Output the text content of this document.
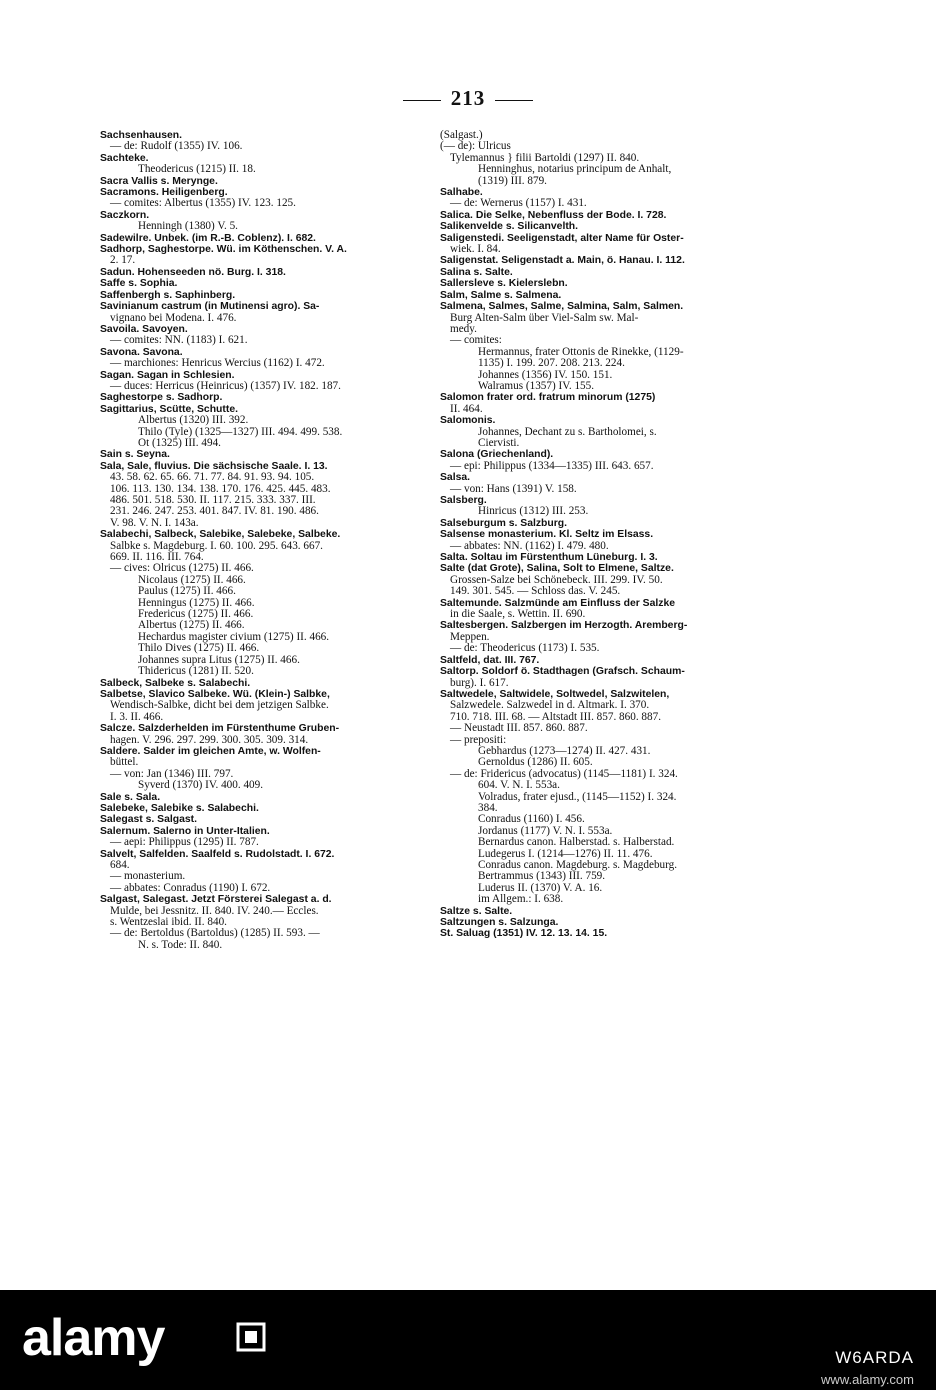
213
Sachsenhausen.
— de: Rudolf (1355) IV. 106.
Sachteke.
Theodericus (1215) II. 18.
Sacra Vallis s. Merynge.
Sacramons. Heiligenberg.
— comites: Albertus (1355) IV. 123. 125.
Saczkorn.
Henningh (1380) V. 5.
Sadewilre. Unbek. (im R.-B. Coblenz). I. 682.
Sadhorp, Saghestorpe. Wü. im Köthenschen. V. A.
2. 17.
Sadun. Hohenseeden nö. Burg. I. 318.
Saffe s. Sophia.
Saffenbergh s. Saphinberg.
Savinianum castrum (in Mutinensi agro). Sa-
vignano bei Modena. I. 476.
Savoila. Savoyen.
— comites: NN. (1183) I. 621.
Savona. Savona.
— marchiones: Henricus Wercius (1162) I. 472.
Sagan. Sagan in Schlesien.
— duces: Herricus (Heinricus) (1357) IV. 182. 187.
Saghestorpe s. Sadhorp.
Sagittarius, Scütte, Schutte.
Albertus (1320) III. 392.
Thilo (Tyle) (1325—1327) III. 494. 499. 538.
Ot (1325) III. 494.
Sain s. Seyna.
Sala, Sale, fluvius. Die sächsische Saale. I. 13.
43. 58. 62. 65. 66. 71. 77. 84. 91. 93. 94. 105.
106. 113. 130. 134. 138. 170. 176. 425. 445. 483.
486. 501. 518. 530. II. 117. 215. 333. 337. III.
231. 246. 247. 253. 401. 847. IV. 81. 190. 486.
V. 98. V. N. I. 143a.
Salabechi, Salbeck, Salebike, Salebeke, Salbeke.
Salbke s. Magdeburg. I. 60. 100. 295. 643. 667.
669. II. 116. III. 764.
— cives: Olricus (1275) II. 466.
Nicolaus (1275) II. 466.
Paulus (1275) II. 466.
Henningus (1275) II. 466.
Fredericus (1275) II. 466.
Albertus (1275) II. 466.
Hechardus magister civium (1275) II. 466.
Thilo Dives (1275) II. 466.
Johannes supra Litus (1275) II. 466.
Thidericus (1281) II. 520.
Salbeck, Salbeke s. Salabechi.
Salbetse, Slavico Salbeke. Wü. (Klein-) Salbke,
Wendisch-Salbke, dicht bei dem jetzigen Salbke.
I. 3. II. 466.
Salcze. Salzderhelden im Fürstenthume Gruben-
hagen. V. 296. 297. 299. 300. 305. 309. 314.
Saldere. Salder im gleichen Amte, w. Wolfen-
büttel.
— von: Jan (1346) III. 797.
Syverd (1370) IV. 400. 409.
Sale s. Sala.
Salebeke, Salebike s. Salabechi.
Salegast s. Salgast.
Salernum. Salerno in Unter-Italien.
— aepi: Philippus (1295) II. 787.
Salvelt, Salfelden. Saalfeld s. Rudolstadt. I. 672.
684.
— monasterium.
— abbates: Conradus (1190) I. 672.
Salgast, Salegast. Jetzt Försterei Salegast a. d.
Mulde, bei Jessnitz. II. 840. IV. 240.— Eccles.
s. Wentzeslai ibid. II. 840.
— de: Bertoldus (Bartoldus) (1285) II. 593. —
N. s. Tode: II. 840.
(Salgast.)
(— de): Ulricus
Tylemannus } filii Bartoldi (1297) II. 840.
Henninghus, notarius principum de Anhalt,
(1319) III. 879.
Salhabe.
— de: Wernerus (1157) I. 431.
Salica. Die Selke, Nebenfluss der Bode. I. 728.
Salikenvelde s. Silicanvelth.
Saligenstedi. Seeligenstadt, alter Name für Oster-
wiek. I. 84.
Saligenstat. Seligenstadt a. Main, ö. Hanau. I. 112.
Salina s. Salte.
Sallersleve s. Kielerslebn.
Salm, Salme s. Salmena.
Salmena, Salmes, Salme, Salmina, Salm, Salmen.
Burg Alten-Salm über Viel-Salm sw. Mal-
medy.
— comites:
Hermannus, frater Ottonis de Rinekke, (1129-
1135) I. 199. 207. 208. 213. 224.
Johannes (1356) IV. 150. 151.
Walramus (1357) IV. 155.
Salomon frater ord. fratrum minorum (1275)
II. 464.
Salomonis.
Johannes, Dechant zu s. Bartholomei, s.
Ciervisti.
Salona (Griechenland).
— epi: Philippus (1334—1335) III. 643. 657.
Salsa.
— von: Hans (1391) V. 158.
Salsberg.
Hinricus (1312) III. 253.
Salseburgum s. Salzburg.
Salsense monasterium. Kl. Seltz im Elsass.
— abbates: NN. (1162) I. 479. 480.
Salta. Soltau im Fürstenthum Lüneburg. I. 3.
Salte (dat Grote), Salina, Solt to Elmene, Saltze.
Grossen-Salze bei Schönebeck. III. 299. IV. 50.
149. 301. 545. — Schloss das. V. 245.
Saltemunde. Salzmünde am Einfluss der Salzke
in die Saale, s. Wettin. II. 690.
Saltesbergen. Salzbergen im Herzogth. Aremberg-
Meppen.
— de: Theodericus (1173) I. 535.
Saltfeld, dat. III. 767.
Saltorp. Soldorf ö. Stadthagen (Grafsch. Schaum-
burg). I. 617.
Saltwedele, Saltwidele, Soltwedel, Salzwitelen,
Salzwedele. Salzwedel in d. Altmark. I. 370.
710. 718. III. 68. — Altstadt III. 857. 860. 887.
— Neustadt III. 857. 860. 887.
— prepositi:
Gebhardus (1273—1274) II. 427. 431.
Gernoldus (1286) II. 605.
— de: Fridericus (advocatus) (1145—1181) I. 324.
604. V. N. I. 553a.
Volradus, frater ejusd., (1145—1152) I. 324.
384.
Conradus (1160) I. 456.
Jordanus (1177) V. N. I. 553a.
Bernardus canon. Halberstad. s. Halberstad.
Ludegerus I. (1214—1276) II. 11. 476.
Conradus canon. Magdeburg. s. Magdeburg.
Bertrammus (1343) III. 759.
Luderus II. (1370) V. A. 16.
im Allgem.: I. 638.
Saltze s. Salte.
Saltzungen s. Salzunga.
St. Saluag (1351) IV. 12. 13. 14. 15.
alamy	W6ARDA
www.alamy.com
